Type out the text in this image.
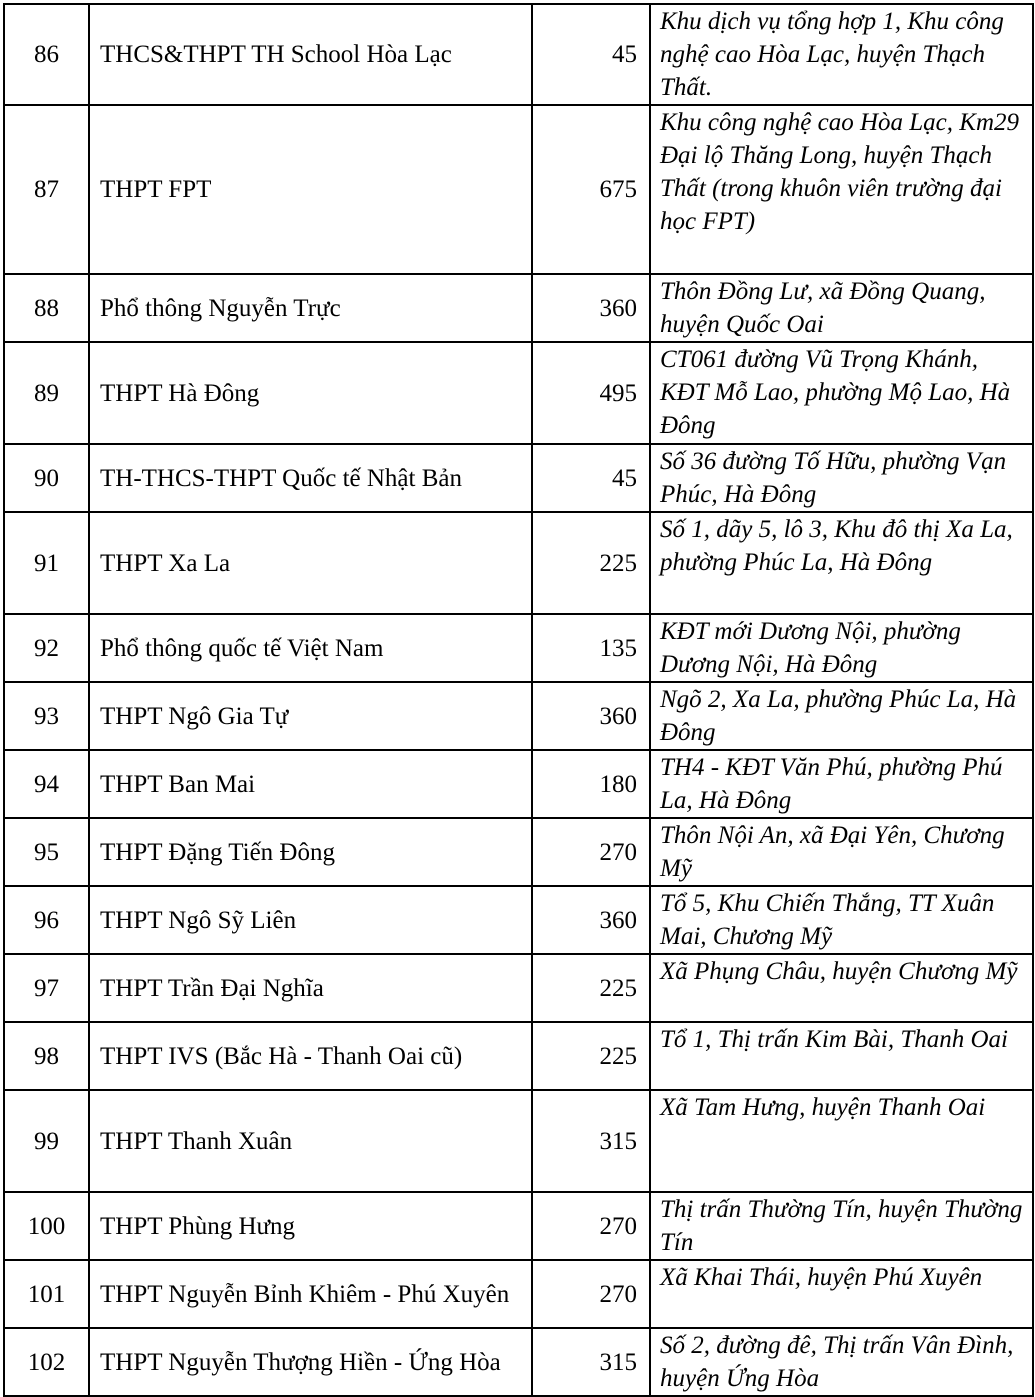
86	THCS&THPT TH School Hòa Lạc	45	Khu dịch vụ tổng hợp 1, Khu công nghệ cao Hòa Lạc, huyện Thạch Thất.
87	THPT FPT	675	Khu công nghệ cao Hòa Lạc, Km29 Đại lộ Thăng Long, huyện Thạch Thất (trong khuôn viên trường đại học FPT)
88	Phổ thông Nguyễn Trực	360	Thôn Đồng Lư, xã Đồng Quang, huyện Quốc Oai
89	THPT Hà Đông	495	CT061 đường Vũ Trọng Khánh, KĐT Mỗ Lao, phường Mộ Lao, Hà Đông
90	TH-THCS-THPT Quốc tế Nhật Bản	45	Số 36 đường Tố Hữu, phường Vạn Phúc, Hà Đông
91	THPT Xa La	225	Số 1, dãy 5, lô 3, Khu đô thị Xa La, phường Phúc La, Hà Đông
92	Phổ thông quốc tế Việt Nam	135	KĐT mới Dương Nội, phường Dương Nội, Hà Đông
93	THPT Ngô Gia Tự	360	Ngõ 2, Xa La, phường Phúc La, Hà Đông
94	THPT Ban Mai	180	TH4 - KĐT Văn Phú, phường Phú La, Hà Đông
95	THPT Đặng Tiến Đông	270	Thôn Nội An, xã Đại Yên, Chương Mỹ
96	THPT Ngô Sỹ Liên	360	Tổ 5, Khu Chiến Thắng, TT Xuân Mai, Chương Mỹ
97	THPT Trần Đại Nghĩa	225	Xã Phụng Châu, huyện Chương Mỹ
98	THPT IVS (Bắc Hà - Thanh Oai cũ)	225	Tổ 1, Thị trấn Kim Bài, Thanh Oai
99	THPT Thanh Xuân	315	Xã Tam Hưng, huyện Thanh Oai
100	THPT Phùng Hưng	270	Thị trấn Thường Tín, huyện Thường Tín
101	THPT Nguyễn Bỉnh Khiêm - Phú Xuyên	270	Xã Khai Thái, huyện Phú Xuyên
102	THPT Nguyễn Thượng Hiền - Ứng Hòa	315	Số 2, đường đê, Thị trấn Vân Đình, huyện Ứng Hòa
